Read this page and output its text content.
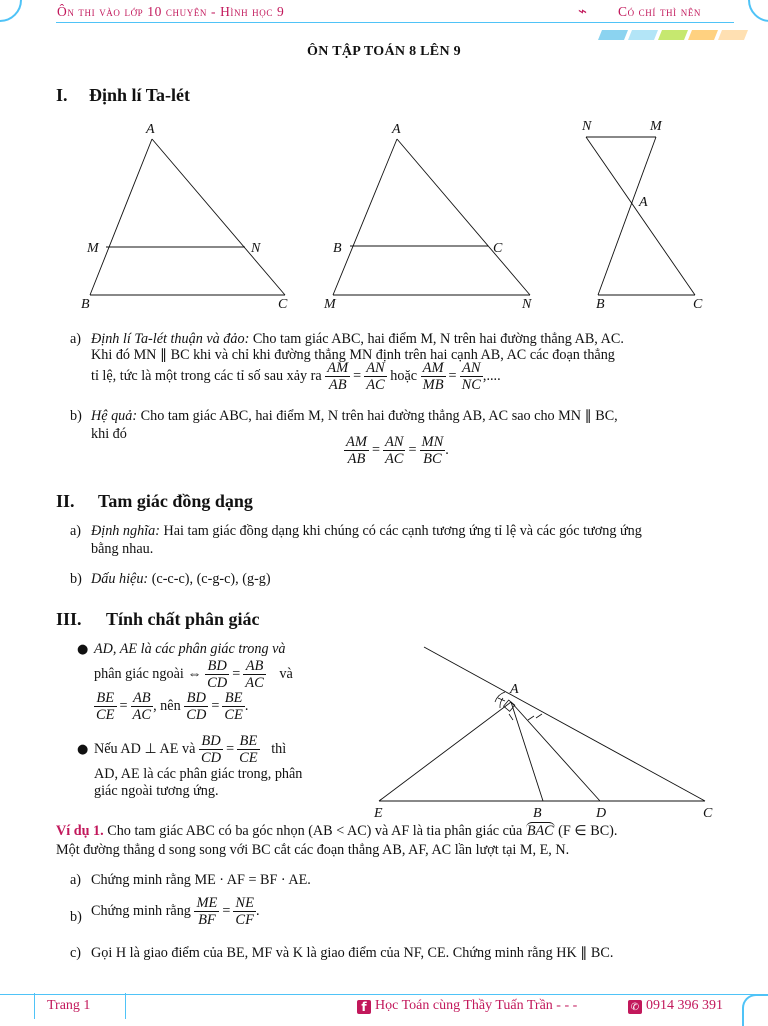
Ôn thi vào lớp 10 chuyên - Hình học 9	⌁ Có chí thì nên
ÔN TẬP TOÁN 8 LÊN 9
I. Định lí Ta-lét
A
M	N
B	C
A
B	C
M	N
N	M
A
B	C
a) Định lí Ta-lét thuận và đảo: Cho tam giác ABC, hai điểm M, N trên hai đường thẳng AB, AC.
Khi đó MN ∥ BC khi và chỉ khi đường thẳng MN định trên hai cạnh AB, AC các đoạn thẳng
tỉ lệ, tức là một trong các tỉ số sau xảy ra $\frac{AM}{AB} = \frac{AN}{AC}$ hoặc $\frac{AM}{MB} = \frac{AN}{NC}$ ,....
b) Hệ quả: Cho tam giác ABC, hai điểm M, N trên hai đường thẳng AB, AC sao cho MN ∥ BC,
khi đó	$\frac{AM}{AB} = \frac{AN}{AC} = \frac{MN}{BC}$ .
II. Tam giác đồng dạng
a) Định nghĩa: Hai tam giác đồng dạng khi chúng có các cạnh tương ứng tỉ lệ và các góc tương ứng
bằng nhau.
b) Dấu hiệu: (c-c-c), (c-g-c), (g-g)
III. Tính chất phân giác
● AD, AE là các phân giác trong và
phân giác ngoài ⇔ $\frac{BD}{CD} = \frac{AB}{AC}$ và
$\frac{BE}{CE} = \frac{AB}{AC}$ , nên $\frac{BD}{CD} = \frac{BE}{CE}$ .
● Nếu AD ⊥ AE và $\frac{BD}{CD} = \frac{BE}{CE}$ thì
AD, AE là các phân giác trong, phân
giác ngoài tương ứng.
A
E	B	D	C
Ví dụ 1. Cho tam giác ABC có ba góc nhọn (AB < AC) và AF là tia phân giác của BAC (F ∈ BC).
Một đường thẳng d song song với BC cắt các đoạn thẳng AB, AF, AC lần lượt tại M, E, N.
a) Chứng minh rằng ME · AF = BF · AE.
b) Chứng minh rằng $\frac{ME}{BF} = \frac{NE}{CF}$ .
c) Gọi H là giao điểm của BE, MF và K là giao điểm của NF, CE. Chứng minh rằng HK ∥ BC.
Trang 1	f Học Toán cùng Thầy Tuấn Trần - - -	✆ 0914 396 391
